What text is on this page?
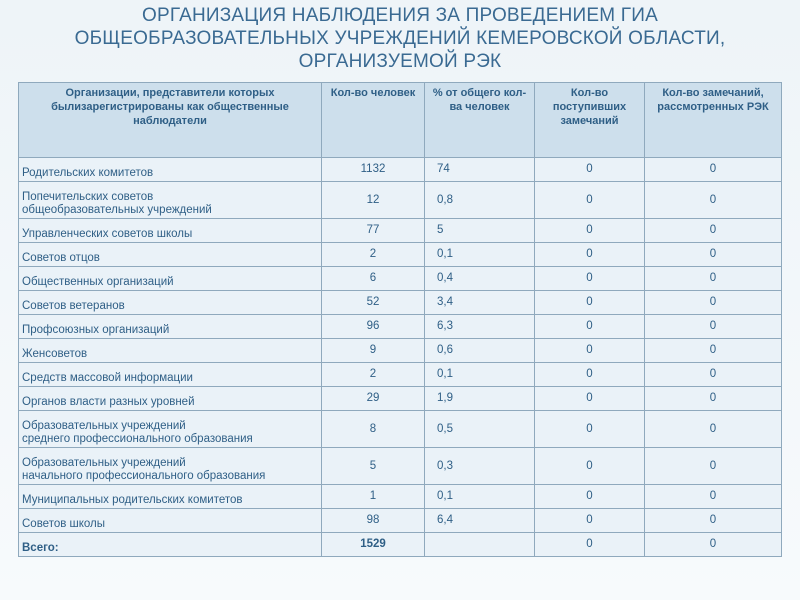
ОРГАНИЗАЦИЯ НАБЛЮДЕНИЯ ЗА ПРОВЕДЕНИЕМ ГИА
ОБЩЕОБРАЗОВАТЕЛЬНЫХ УЧРЕЖДЕНИЙ КЕМЕРОВСКОЙ ОБЛАСТИ,
ОРГАНИЗУЕМОЙ РЭК
Организации, представители которых былизарегистрированы как общественные наблюдатели	Кол-во человек	% от общего кол-ва человек	Кол-во поступивших замечаний	Кол-во замечаний, рассмотренных РЭК
Родительских комитетов	1132	74	0	0
Попечительских советов
общеобразовательных учреждений	12	0,8	0	0
Управленческих советов школы	77	5	0	0
Советов отцов	2	0,1	0	0
Общественных организаций	6	0,4	0	0
Советов ветеранов	52	3,4	0	0
Профсоюзных организаций	96	6,3	0	0
Женсоветов	9	0,6	0	0
Средств массовой информации	2	0,1	0	0
Органов власти разных уровней	29	1,9	0	0
Образовательных учреждений
среднего профессионального образования	8	0,5	0	0
Образовательных учреждений
начального профессионального образования	5	0,3	0	0
Муниципальных родительских комитетов	1	0,1	0	0
Советов школы	98	6,4	0	0
Всего:	1529		0	0
